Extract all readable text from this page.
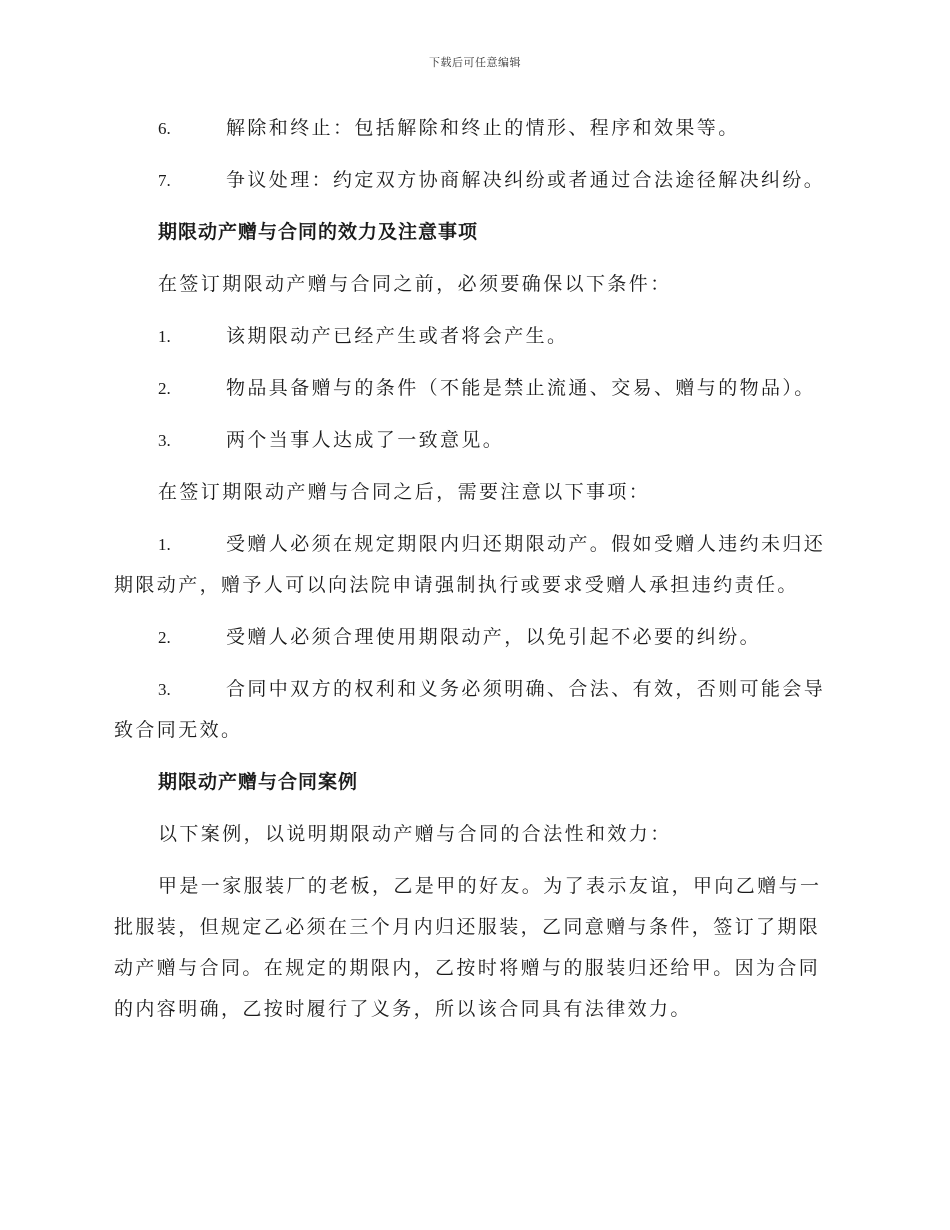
下载后可任意编辑
6.	解除和终止：包括解除和终止的情形、程序和效果等。
7.	争议处理：约定双方协商解决纠纷或者通过合法途径解决纠纷。
期限动产赠与合同的效力及注意事项
在签订期限动产赠与合同之前，必须要确保以下条件：
1.	该期限动产已经产生或者将会产生。
2.	物品具备赠与的条件（不能是禁止流通、交易、赠与的物品）。
3.	两个当事人达成了一致意见。
在签订期限动产赠与合同之后，需要注意以下事项：
1.	受赠人必须在规定期限内归还期限动产。假如受赠人违约未归还期限动产，赠予人可以向法院申请强制执行或要求受赠人承担违约责任。
2.	受赠人必须合理使用期限动产，以免引起不必要的纠纷。
3.	合同中双方的权利和义务必须明确、合法、有效，否则可能会导致合同无效。
期限动产赠与合同案例
以下案例，以说明期限动产赠与合同的合法性和效力：
甲是一家服装厂的老板，乙是甲的好友。为了表示友谊，甲向乙赠与一批服装，但规定乙必须在三个月内归还服装，乙同意赠与条件，签订了期限动产赠与合同。在规定的期限内，乙按时将赠与的服装归还给甲。因为合同的内容明确，乙按时履行了义务，所以该合同具有法律效力。
